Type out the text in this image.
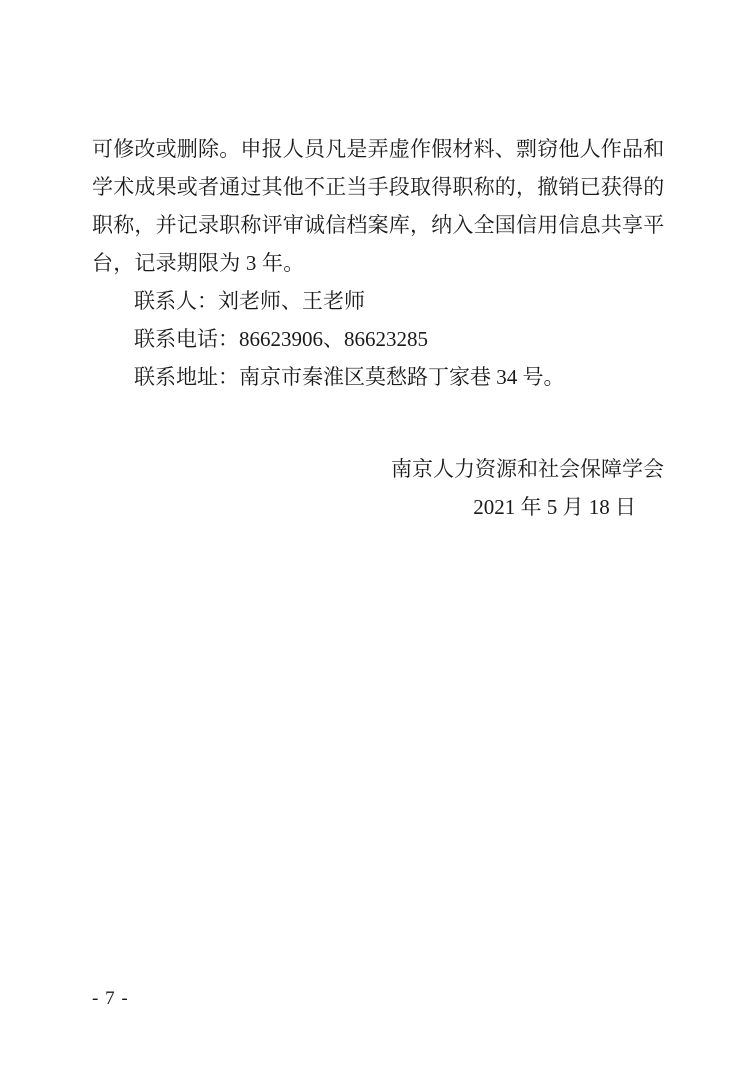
可修改或删除。申报人员凡是弄虚作假材料、剽窃他人作品和
学术成果或者通过其他不正当手段取得职称的，撤销已获得的
职称，并记录职称评审诚信档案库，纳入全国信用信息共享平
台，记录期限为 3 年。
联系人：刘老师、王老师
联系电话：86623906、86623285
联系地址：南京市秦淮区莫愁路丁家巷 34 号。
南京人力资源和社会保障学会
2021 年 5 月 18 日
- 7 -
